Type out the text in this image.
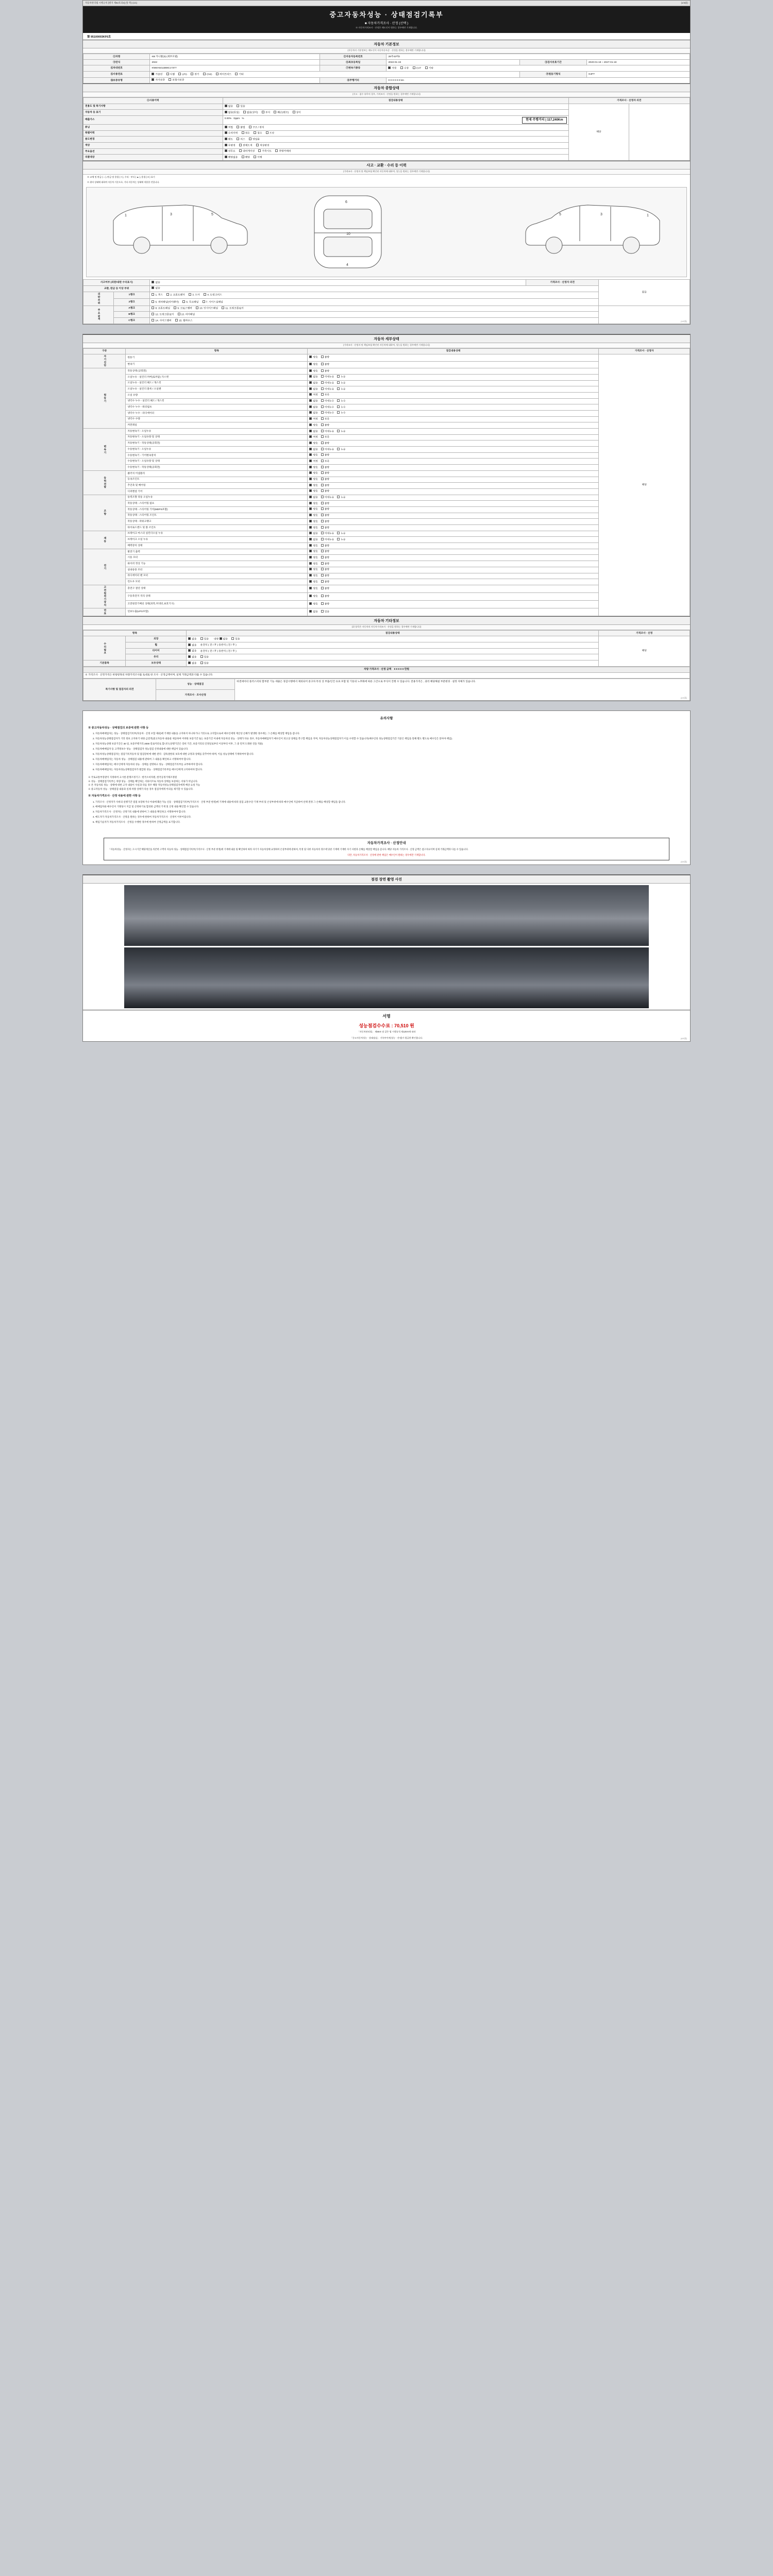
자동차관리법 시행규칙 [별지 제82호의3] (앞 쪽) (1/1)	(1/4面)
중고자동차성능 · 상태점검기록부
■ 자동차가격조사 · 산정 (선택 )
※ 자동차가격조사 · 산정은 매도인이 원하는 경우에만 기재합니다.
第 95100003KF6호
자동차 기본정보
(자동차의 기본정보는 매도인이 자동차등록증 · 산정을 원하는 경우에만 기재합니다)
①차명	KB 카니발(3) (세부모델)	②자동차등록번호	28주43머0		
③연식	2022	④최초등록일	2022-01-19	⑤검사유효기간	2020-01-19 ~ 2027-01-19
⑥차대번호	KNMA5411BMC17377	⑦변속기종류	자동 수동 CVT 기타		
⑧사용연료	가솔린 디젤 LPG 전기 CNG 하이브리드 기타			⑨원동기형식	G4FT
⑩보증유형	자가보증 보험사보증	⑪주행거리	0 0 0 0 0 0 km		
자동차 종합상태
(사고 · 침수 유무의 경우, 가격조사 · 산정을 원하는 경우에만 기재합니다)
①사용이력	점검내용상태	가격조사 · 산정자 의견	
전용도 및 특기사항	없음 있음	해당	
자동차 등 표기	없음(동일) 없음(상이) 부식 훼손(변조) 상이		
배출가스	0.00% 0ppm % 현재 주행거리 | 117,240Km		

튜닝	적법 불법 구조 / 장치		
특별이력	수리이력 전손 침수 도난		
용도변경	렌트 리스 영업용		
색상	무변경 전체도색 색상변경		
주요옵션	선루프 내비게이션 가죽시트 후방카메라		
리콜대상	해당없음 해당 이행		
사고 · 교환 · 수리 등 이력
(가격조사 · 산정자 및 책임보험 확인된 자동차에 대하여, 성능을 원하는 경우에만 기재합니다)
※ 교체 및 판금 ( ○ ), 판금 및 용접 ( × ), 수리 · 부식 ( ▲ ), 용접 ( Ⅹ ) 표기
※ 위의 상태에 대하여 자동차 기준으로, 기타 자동차는 상태에 적용한 것입니다.
1	3	5
6
10
4
1
3
5
사고여부 (외판/내판 수리표시)		없음	가격조사 · 산정자 의견	없음
교환, 판금 등 이상 부위		없음		
외판부위	1랭크	1. 후드 2. 프론트펜더 3. 도어 4. 트렁크리드		
	2랭크	5. 쿼터패널(리어펜더) 6. 루프패널 7. 사이드실패널		
주요골격	A랭크	8. 프론트패널 9. 크로스멤버 10. 인사이드패널 11. 트렁크플로어		
	B랭크	12. 트렁크플로어 13. 리어패널		
	C랭크	14. 사이드멤버 15. 휠하우스			(1/4面)
자동차 세부상태
(가격조사 · 산정자 및 책임보험 확인된 자동차에 대하여, 성능을 원하는 경우에만 기재합니다)
구분	항목	점검내용상태	가격조사 · 산정자
자기진단	원동기	양호 불량	해당
	변속기	양호 불량	
원동기	작동상태 (공회전)	양호 불량	
	오일누유 - 실린더 커버(로커암) 가스켓	없음 미세누유 누유	
	오일누유 - 실린더 헤드 / 개스킷	없음 미세누유 누유	
	오일누유 - 실린더 블록 / 오일팬	없음 미세누유 누유	
	오일 유량	적정 부족	
	냉각수 누수 - 실린더 헤드 / 개스킷	없음 미세누수 누수	
	냉각수 누수 - 워터펌프	없음 미세누수 누수	
	냉각수 누수 - 라디에이터	없음 미세누수 누수	
	냉각수 수량	적정 부족	
	커먼레일	양호 불량	
변속기	자동변속기 - 오일누유	없음 미세누유 누유	
	자동변속기 - 오일유량 및 상태	적정 부족	
	자동변속기 - 작동상태(공회전)	양호 불량	
	수동변속기 - 오일누유	없음 미세누유 누유	
	수동변속기 - 기어변속장치	양호 불량	
	수동변속기 - 오일유량 및 상태	적정 부족	
	수동변속기 - 작동상태(공회전)	양호 불량	
동력전달	클러치 어셈블리	양호 불량	
	등속조인트	양호 불량	
	추진축 및 베어링	양호 불량	
	디퍼렌셜 기어	양호 불량	
조향	동력조향 작동 오일누유	없음 미세누유 누유	
	작동상태 - 스티어링 펌프	양호 불량	
	작동상태 - 스티어링 기어(MDPS포함)	양호 불량	
	작동상태 - 스티어링 조인트	양호 불량	
	작동상태 - 파워크랭크	양호 불량	
	타이로드엔드 및 볼 조인트	양호 불량	
제동	브레이크 마스터 실린더오일 누유	없음 미세누유 누유	
	브레이크 오일 누유	없음 미세누유 누유	
	배력장치 상태	양호 불량	
전기	발전기 출력	양호 불량	
	시동 모터	양호 불량	
	와이퍼 정상 기능	양호 불량	
	실내송풍 모터	양호 불량	
	라디에이터 팬 모터	양호 불량	
	윈도우 모터	양호 불량	
고전원전기장치	충전구 절연 상태	양호 불량	
	구동축전지 격리 상태	양호 불량	
	고전원전기배선 상태(피복,커넥터,보호기구)	양호 불량	
연료	연료누출(LPG포함)	없음 있음	
자동차 기타정보
(위 항목은 자동차의 자동차가격조사 · 산정을 원하는 경우에만 기재합니다)
항목		점검내용상태	가격조사 · 산정
수리필요	외장	없음 있음 내장 없음 있음	해당
	휠	없음 운전석 ( 전 / 후 ) 동반석 ( 전 / 후 )	
	타이어	없음 운전석 ( 전 / 후 ) 동반석 ( 전 / 후 )	
	유리	없음 있음	
기본품목	보유상태	없음 있음	
차량 가격조사 · 산정 금액 0 0 0 0 0 만원
※ 가격조사 · 산정가격은 바탕항목의 차량가격조사를 토대로 한 조사 · 산정금액이며, 실제 거래금액과 다를 수 있습니다.
특기사항 및 점검자의 의견	성능 · 상태점검	바겐세이터 플러스퍼의 할부분 기능 세줄은 경감시행에서 제의되어 중고차 특성 상 부품/인건 유료 포함 및 기동의 노후화에 따른 그간으로 부식이 진행 수 있습니다. 전용가격은 , 권리 해당해설 부분변경 · 설정 자체가 있습니다.
가격조사 · 조사산정
(2/4面)
유의사항
※ 중고자동차성능 · 상태점검의 보증에 관한 사항 등
1. 자동차매매업자는 성능 · 상태점검기록부(자동차 · 산정 포함 제외)에 기재한 내용을 고지하지 아니하거나 거짓으로 고지함으로써 매수인에게 재산상 손해가 발생한 경우에는 그 손해를 배상할 책임을 갑니다.
2. 자동차성능상태점검자가 거짓 정보 고지하기 위한 금전적(중고자동차 내용물 제공하여 어떠한 보증기간 또는 보증기간 이내에 자동차의 성능 · 상태가 다른 경우, 자동차매매업자가 매수인이 피고상 상태를 복구할 책임을 지며, 자동차성능상태점검자가 이를 수정할 수 있습니다(매수인의 성능상태점검기간 기준은 책임을 통해 별도 별도로 매수인은 알아야 책임).
3. 자동차성능상태 보증기간은 30 일, 보증주행거리 2000 킬로미터로 합니다 (상행기간은 장비 기간, 보증거리의 인정일로부터 이상부터 이후, 그 중 먼저 도래한 것을 적용)
4. 자동차매매업자 등 고객정보수 성능 · 상태점검자 성능점검 산정내용에 대한 책임이 있습니다.
5. 자동차성능상태점검자는 점검기록자동차 및 점검장비에 대한 관리 · 감독권한의 보호에 대한 규정과 상태를 갖추어야 하며, 이를 성능상태에 기재하여야 합니다.
6. 자동차매매업자는 자동차 성능 · 상태점검 내용에 관하여 그 내용을 확인하고 서명하여야 합니다.
7. 자동차매매업자는 매수인에게 자동차의 성능 · 상태를 설명하고 성능 · 상태점검기록부를 교부하여야 합니다.
8. 자동차매매업자는 자동차성능상태점검자가 발급한 성능 · 상태점검기록부를 매수인에게 고지하여야 합니다.
※ 국토교통부장관이 지정하여 고시한 분쟁조정기구 : 한국소비자원, 한국공정거래조정원
※ 성능 · 상태점검기록부는 차량 성능 · 상태를 확인하는 서류이므로 자동차 상태를 보증하는 서류가 아닙니다.
※ 본 자동차의 성능 · 상태에 대한 고지 내용이 사실과 다를 경우 해당 자동차성능상태점검자에게 배상 요청 가능
※ 중고자동차 성능 · 상태점검 내용과 실제 차량 상태가 다른 경우 점검자에게 이의를 제기할 수 있습니다.
※ 자동차가격조사 · 산정 내용에 관한 사항 등
1. 가격조사 · 산정자가 사비의 실행기간 점점 보장하거나 아내에 훼손가능 신동 · 상태점검기록부(가격조사 · 산정 부분 한정)에 기재에 내용에 따라 점검 교통수단 기재 부위 및 손상부위에 따라 매수인에 지급하여 선택 결정 그 손해를 배상할 책임을 갑니다.
2. 매매업자와 매수인이 거래당시 지급 및 산정하기로 합의한 금액의 기재 및 산정 내용 확인할 수 있습니다.
3. 자동차가격조사 · 산정자는 산정기록 내용에 관하여 그 내용을 확인하고 서명하여야 합니다.
4. 매도자가 자동차가격조사 · 산정을 원하는 경우에 한하여 자동차가격조사 · 산정이 이루어집니다.
5. 책임기술자가 자동차가격조사 · 산정을 수행한 경우에 한하여 산정금액을 표기합니다.
자동차가격조사 · 산정안내
「자동차성능 · 산정자는 고시기간 해당계산을 의존한 고객의 자동차 성능 · 상태점검기록부(가격조사 · 산정 부분 한정)에 기재에 내용 및 확인하여 따라 자기가 자동차상태 교정하여 손상부위에 관하여, 특정 및 다한 자동차의 경우에 당분 기재에 기재한 자기 사항과 손해를 배상할 책임을 갑니다. 해당 자동차 가격조사 · 산정 금액은 참고자료이며 실제 거래금액과 다를 수 있습니다.
다만, 자동차가격조사 · 산정에 관한 책임은 매수인이 원하는 경우에만 기재합니다.
(3/4面)
점검 장면 촬영 사진
서명
성능점검수수료 : 70,510 원
「자동차관리법」 제58조 및 같은 법 시행규칙 제120조에 따라
「중고자동차성능 · 상태점검」 기록부이며(성능 · 산정)가 발급한 확인합니다.	(4/4面)
